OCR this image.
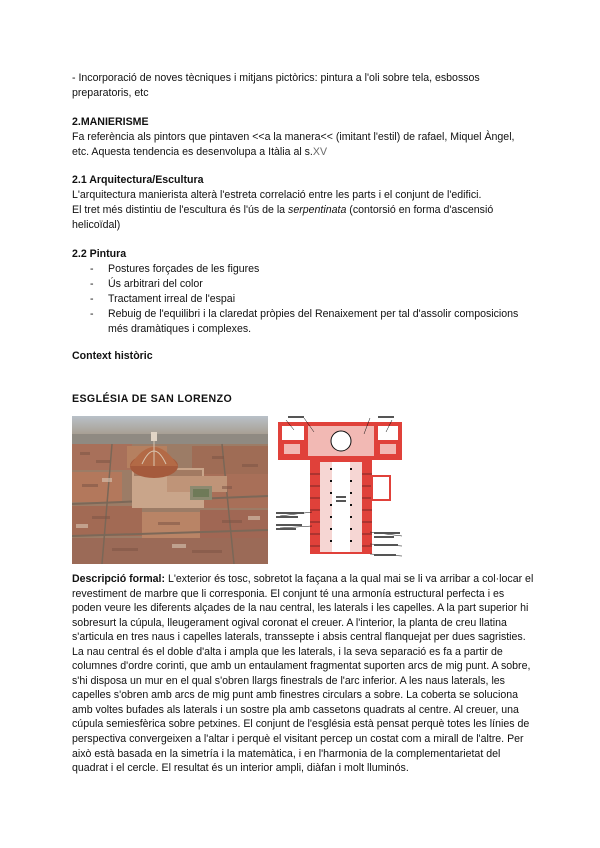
- Incorporació de noves tècniques i mitjans pictòrics: pintura a l'oli sobre tela, esbossos preparatoris, etc

2.MANIERISME

Fa referència als pintors que pintaven <<a la manera<< (imitant l'estil) de rafael, Miquel Àngel, etc. Aquesta tendencia es desenvolupa a Itàlia al s.XV

2.1 Arquitectura/Escultura

L'arquitectura manierista alterà l'estreta correlació entre les parts i el conjunt de l'edifici.

El tret més distintiu de l'escultura és l'ús de la serpentinata (contorsió en forma d'ascensió helicoïdal)

2.2 Pintura

- Postures forçades de les figures
- Ús arbitrari del color
- Tractament irreal de l'espai
- Rebuig de l'equilibri i la claredat pròpies del Renaixement per tal d'assolir composicions més dramàtiques i complexes.

Context històric

ESGLÉSIA DE SAN LORENZO

Descripció formal: L'exterior és tosc, sobretot la façana a la qual mai se li va arribar a col·locar el revestiment de marbre que li corresponia. El conjunt té una armonía estructural perfecta i es poden veure les diferents alçades de la nau central, les laterals i les capelles. A la part superior hi sobresurt la cúpula, lleugerament ogival coronat el creuer. A l'interior, la planta de creu llatina s'articula en tres naus i capelles laterals, transsepte i absis central flanquejat per dues sagristies. La nau central és el doble d'alta i ampla que les laterals, i la seva separació es fa a partir de columnes d'ordre corinti, que amb un entaulament fragmentat suporten arcs de mig punt. A sobre, s'hi disposa un mur en el qual s'obren llargs finestrals de l'arc inferior. A les naus laterals, les capelles s'obren amb arcs de mig punt amb finestres circulars a sobre. La coberta se soluciona amb voltes bufades als laterals i un sostre pla amb cassetons quadrats al centre. Al creuer, una cúpula semiesfèrica sobre petxines. El conjunt de l'església està pensat perquè totes les línies de perspectiva convergeixen a l'altar i perquè el visitant percep un costat com a mirall de l'altre. Per això està basada en la simetría i la matemàtica, i en l'harmonia de la complementarietat del quadrat i el cercle. El resultat és un interior ampli, diàfan i molt lluminós.
